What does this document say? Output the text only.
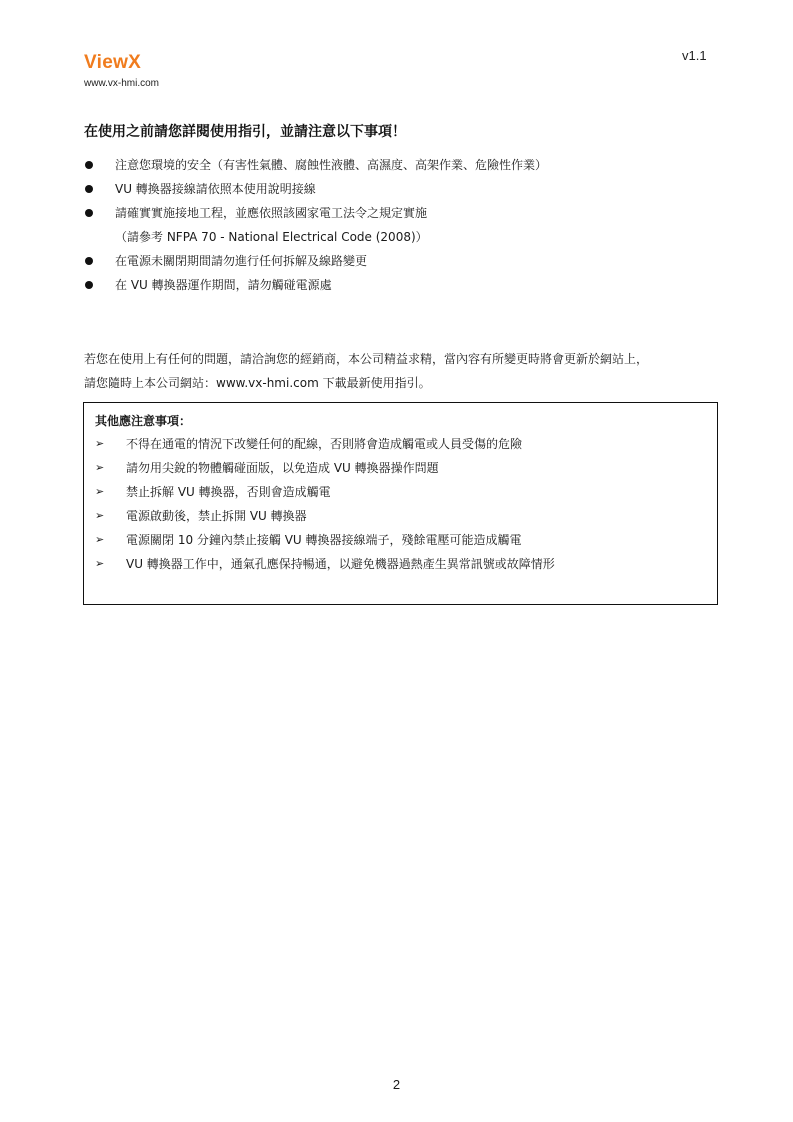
ViewX
www.vx-hmi.com
v1.1
在使用之前請您詳閱使用指引，並請注意以下事項！
注意您環境的安全（有害性氣體、腐蝕性液體、高濕度、高架作業、危險性作業）
VU 轉換器接線請依照本使用說明接線
請確實實施接地工程，並應依照該國家電工法令之規定實施
（請參考 NFPA 70 - National Electrical Code (2008)）
在電源未關閉期間請勿進行任何拆解及線路變更
在 VU 轉換器運作期間，請勿觸碰電源處
若您在使用上有任何的問題，請洽詢您的經銷商，本公司精益求精，當內容有所變更時將會更新於網站上，
請您隨時上本公司網站：www.vx-hmi.com 下載最新使用指引。
其他應注意事項：
➢ 不得在通電的情況下改變任何的配線，否則將會造成觸電或人員受傷的危險
➢ 請勿用尖銳的物體觸碰面版，以免造成 VU 轉換器操作問題
➢ 禁止拆解 VU 轉換器，否則會造成觸電
➢ 電源啟動後，禁止拆開 VU 轉換器
➢ 電源關閉 10 分鐘內禁止接觸 VU 轉換器接線端子，殘餘電壓可能造成觸電
➢ VU 轉換器工作中，通氣孔應保持暢通，以避免機器過熱產生異常訊號或故障情形
2
